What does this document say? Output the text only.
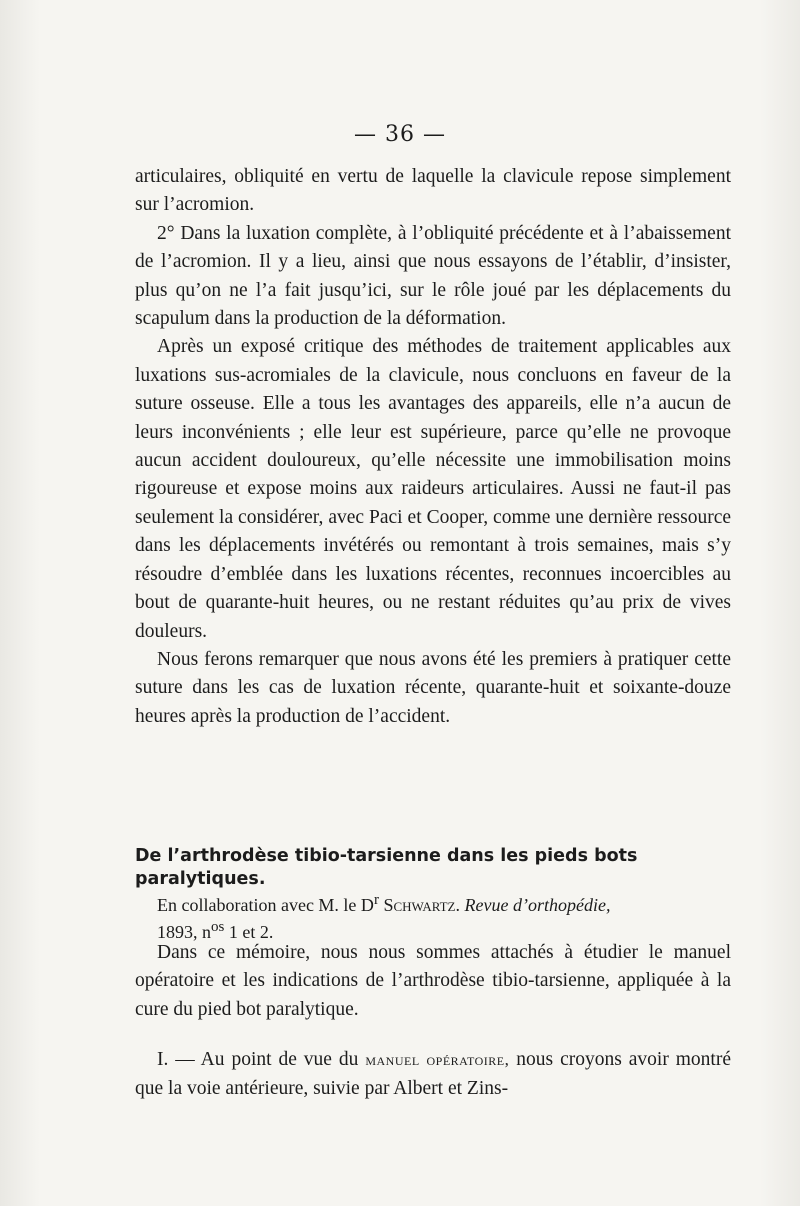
— 36 —

articulaires, obliquité en vertu de laquelle la clavicule repose simplement sur l’acromion.

2° Dans la luxation complète, à l’obliquité précédente et à l’abaissement de l’acromion. Il y a lieu, ainsi que nous essayons de l’établir, d’insister, plus qu’on ne l’a fait jusqu’ici, sur le rôle joué par les déplacements du scapulum dans la production de la déformation.

Après un exposé critique des méthodes de traitement applicables aux luxations sus-acromiales de la clavicule, nous concluons en faveur de la suture osseuse. Elle a tous les avantages des appareils, elle n’a aucun de leurs inconvénients ; elle leur est supérieure, parce qu’elle ne provoque aucun accident douloureux, qu’elle nécessite une immobilisation moins rigoureuse et expose moins aux raideurs articulaires. Aussi ne faut-il pas seulement la considérer, avec Paci et Cooper, comme une dernière ressource dans les déplacements invétérés ou remontant à trois semaines, mais s’y résoudre d’emblée dans les luxations récentes, reconnues incoercibles au bout de quarante-huit heures, ou ne restant réduites qu’au prix de vives douleurs.

Nous ferons remarquer que nous avons été les premiers à pratiquer cette suture dans les cas de luxation récente, quarante-huit et soixante-douze heures après la production de l’accident.

De l’arthrodèse tibio-tarsienne dans les pieds bots paralytiques.
En collaboration avec M. le $D^r$ Schwartz. Revue d’orthopédie,
1893, $n^{os}$ 1 et 2.

Dans ce mémoire, nous nous sommes attachés à étudier le manuel opératoire et les indications de l’arthrodèse tibio-tarsienne, appliquée à la cure du pied bot paralytique.

I. — Au point de vue du manuel opératoire, nous croyons avoir montré que la voie antérieure, suivie par Albert et Zins-
